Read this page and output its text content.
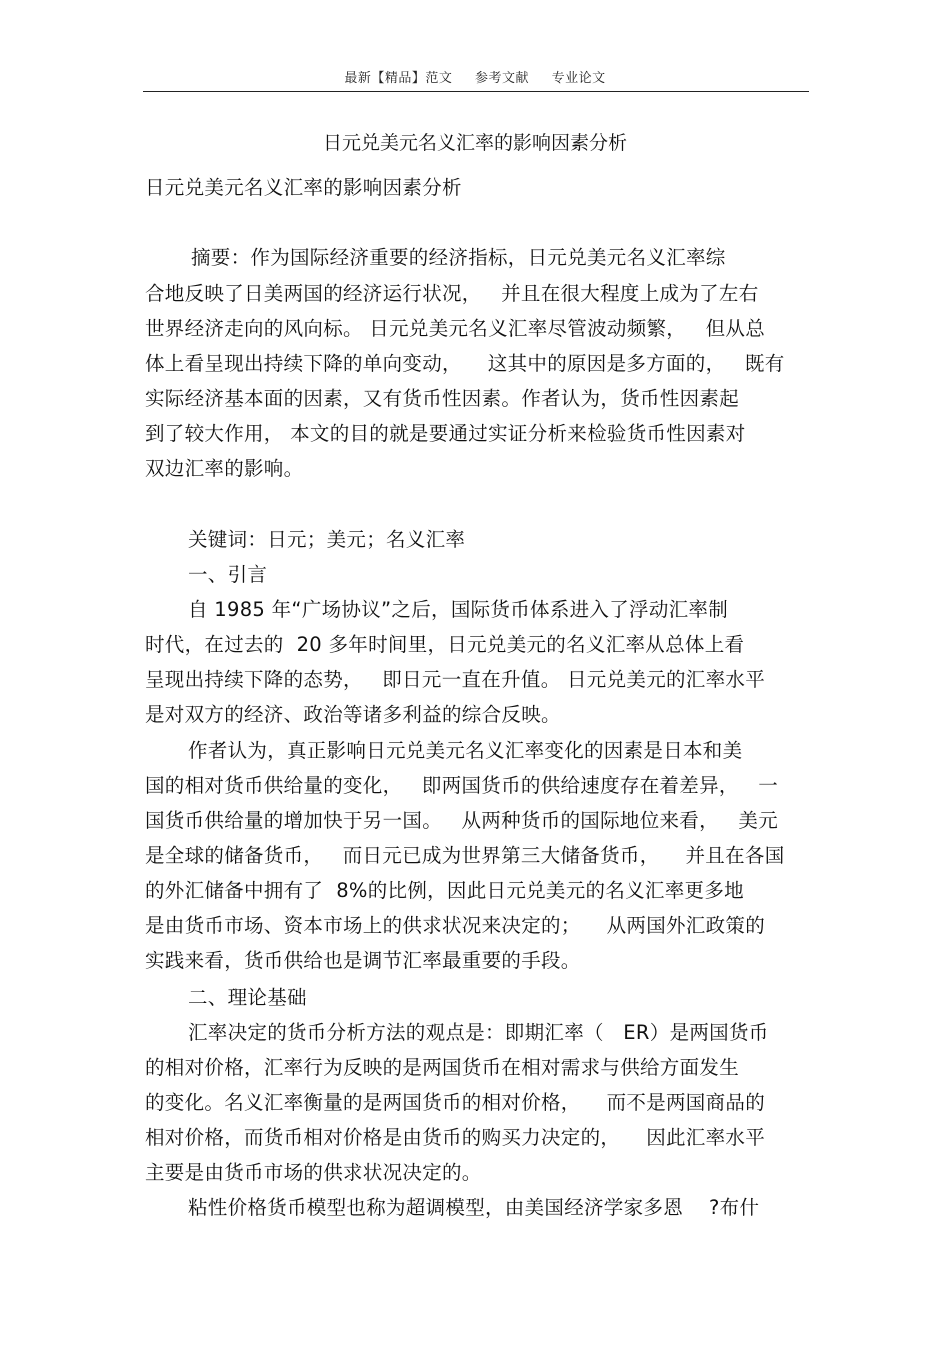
最新【精品】范文 参考文献 专业论文
日元兑美元名义汇率的影响因素分析
日元兑美元名义汇率的影响因素分析
摘要：作为国际经济重要的经济指标，日元兑美元名义汇率综
合地反映了日美两国的经济运行状况，   并且在很大程度上成为了左右
世界经济走向的风向标。 日元兑美元名义汇率尽管波动频繁，   但从总
体上看呈现出持续下降的单向变动，    这其中的原因是多方面的，   既有
实际经济基本面的因素，又有货币性因素。作者认为，货币性因素起
到了较大作用， 本文的目的就是要通过实证分析来检验货币性因素对
双边汇率的影响。
关键词：日元；美元；名义汇率
一、引言
自 1985 年“广场协议”之后，国际货币体系进入了浮动汇率制
时代，在过去的  20 多年时间里，日元兑美元的名义汇率从总体上看
呈现出持续下降的态势，   即日元一直在升值。 日元兑美元的汇率水平
是对双方的经济、政治等诸多利益的综合反映。
作者认为，真正影响日元兑美元名义汇率变化的因素是日本和美
国的相对货币供给量的变化，   即两国货币的供给速度存在着差异，   一
国货币供给量的增加快于另一国。   从两种货币的国际地位来看，   美元
是全球的储备货币，   而日元已成为世界第三大储备货币，    并且在各国
的外汇储备中拥有了  8%的比例，因此日元兑美元的名义汇率更多地
是由货币市场、资本市场上的供求状况来决定的；    从两国外汇政策的
实践来看，货币供给也是调节汇率最重要的手段。
二、理论基础
汇率决定的货币分析方法的观点是：即期汇率（   ER）是两国货币
的相对价格，汇率行为反映的是两国货币在相对需求与供给方面发生
的变化。名义汇率衡量的是两国货币的相对价格，    而不是两国商品的
相对价格，而货币相对价格是由货币的购买力决定的，    因此汇率水平
主要是由货币市场的供求状况决定的。
粘性价格货币模型也称为超调模型，由美国经济学家多恩    ?布什
